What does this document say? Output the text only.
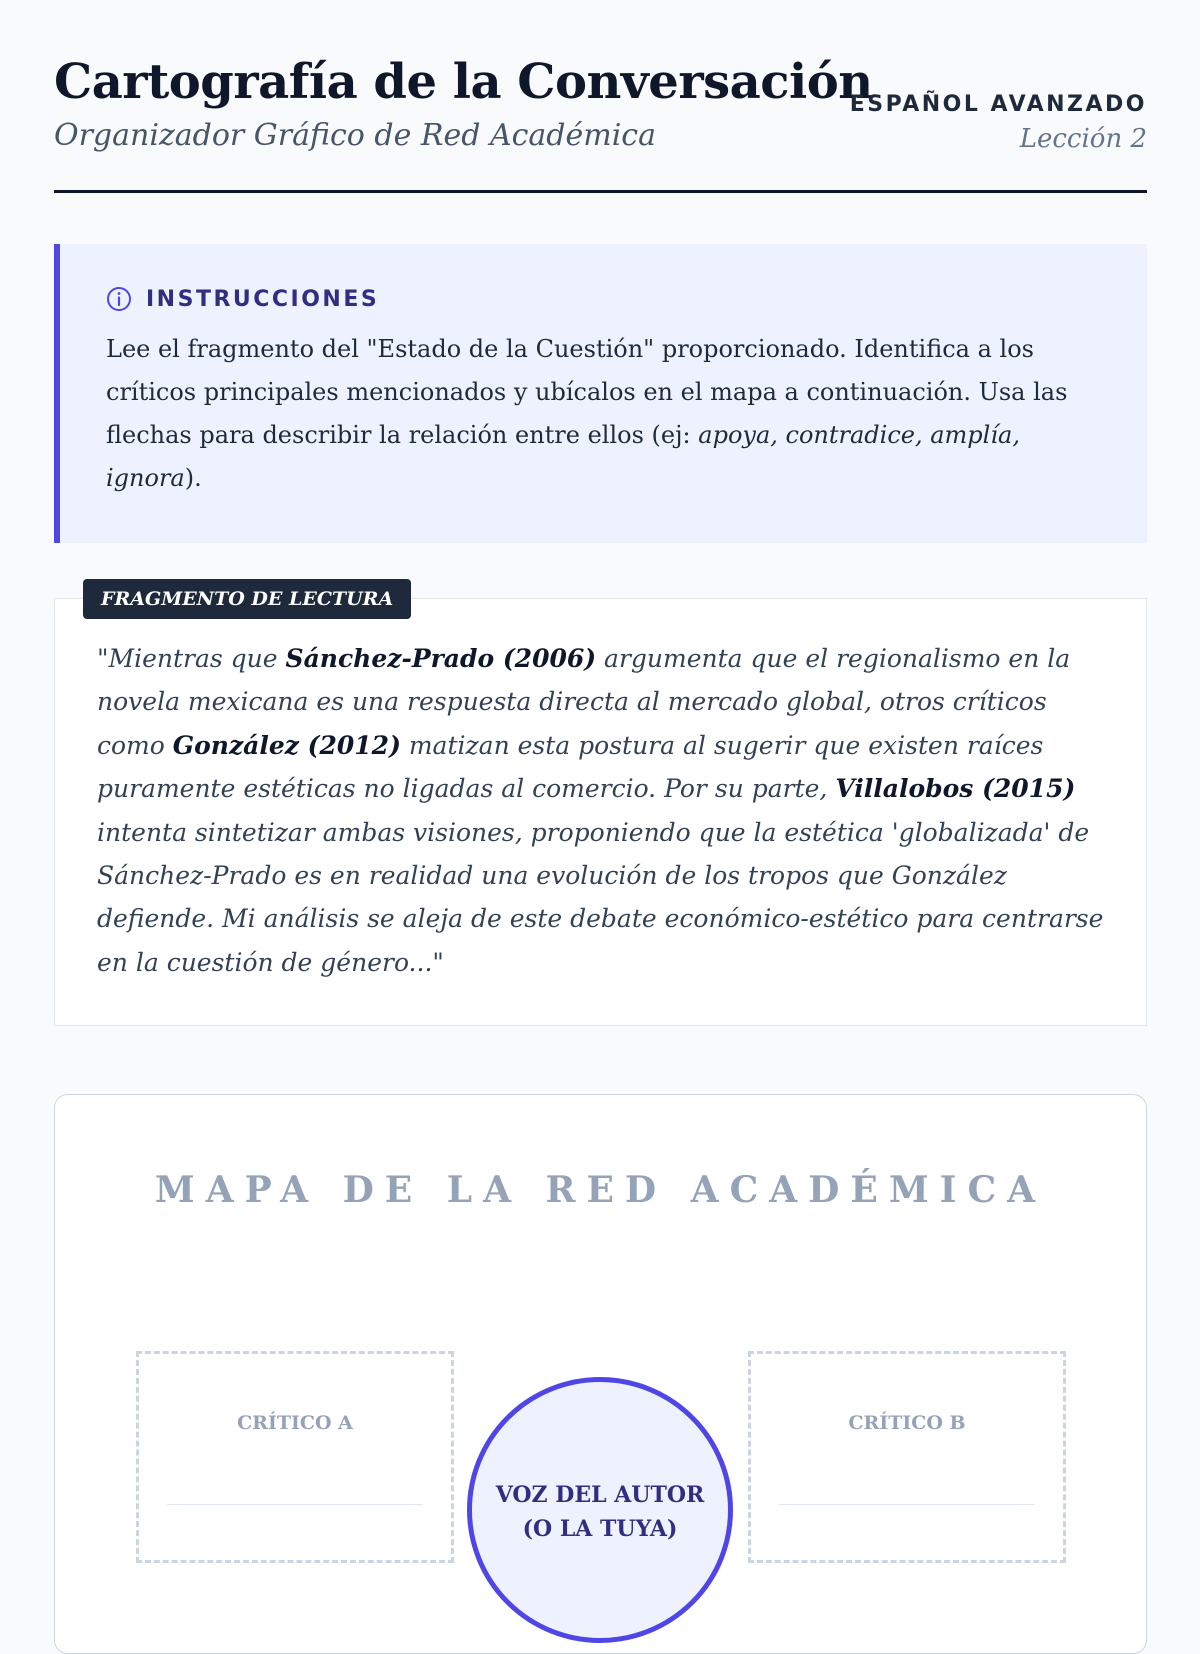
Cartografía de la Conversación
Organizador Gráfico de Red Académica
ESPAÑOL AVANZADO
Lección 2
INSTRUCCIONES
Lee el fragmento del "Estado de la Cuestión" proporcionado. Identifica a los críticos principales mencionados y ubícalos en el mapa a continuación. Usa las flechas para describir la relación entre ellos (ej: apoya, contradice, amplía, ignora).
FRAGMENTO DE LECTURA
"Mientras que Sánchez-Prado (2006) argumenta que el regionalismo en la novela mexicana es una respuesta directa al mercado global, otros críticos como González (2012) matizan esta postura al sugerir que existen raíces puramente estéticas no ligadas al comercio. Por su parte, Villalobos (2015) intenta sintetizar ambas visiones, proponiendo que la estética 'globalizada' de Sánchez-Prado es en realidad una evolución de los tropos que González defiende. Mi análisis se aleja de este debate económico-estético para centrarse en la cuestión de género..."
MAPA DE LA RED ACADÉMICA
CRÍTICO A	CRÍTICO B
VOZ DEL AUTOR
(O LA TUYA)
